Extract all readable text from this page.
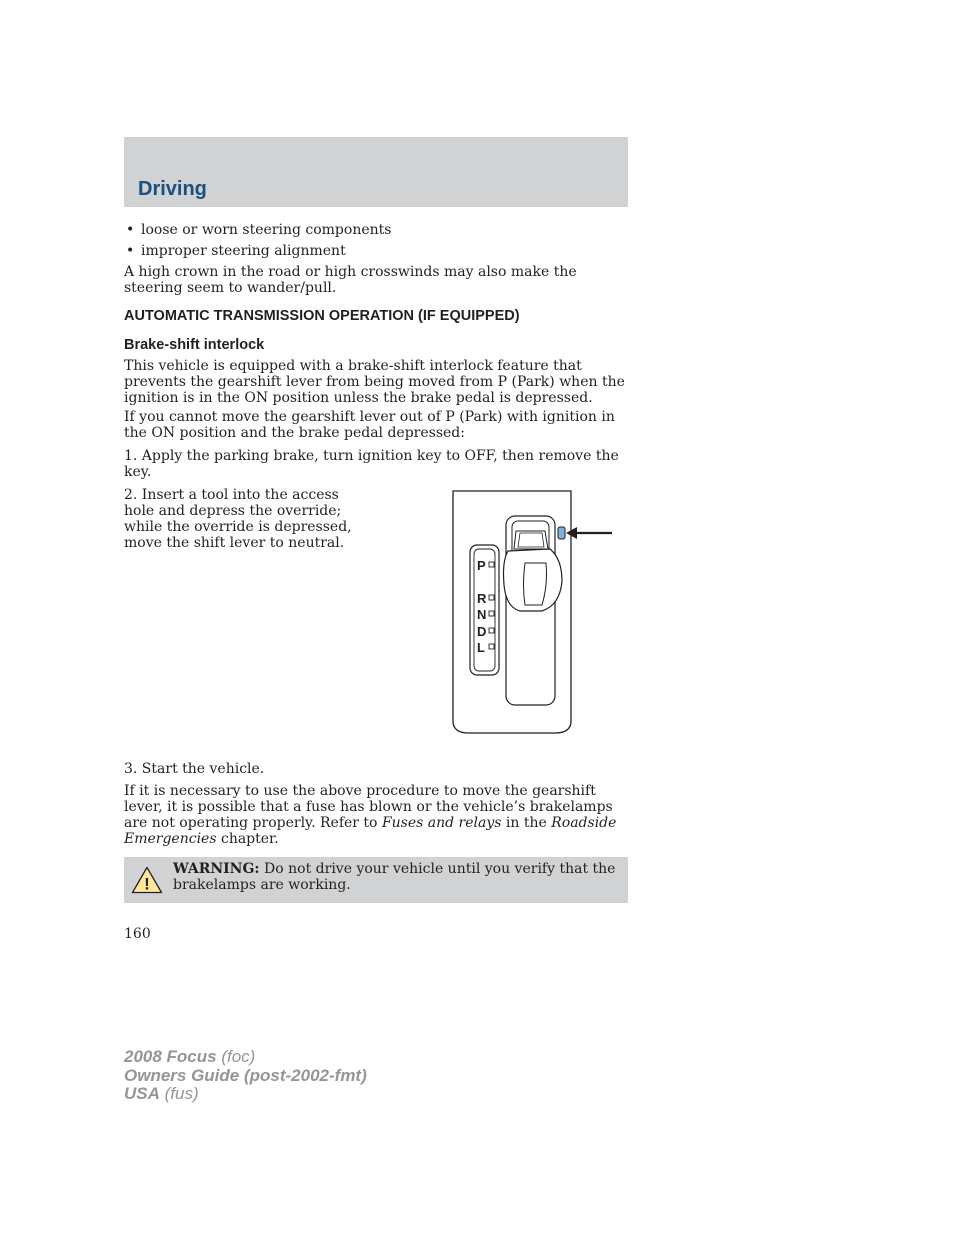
Driving
• loose or worn steering components
• improper steering alignment

A high crown in the road or high crosswinds may also make the steering seem to wander/pull.

AUTOMATIC TRANSMISSION OPERATION (IF EQUIPPED)
Brake-shift interlock

This vehicle is equipped with a brake-shift interlock feature that prevents the gearshift lever from being moved from P (Park) when the ignition is in the ON position unless the brake pedal is depressed.

If you cannot move the gearshift lever out of P (Park) with ignition in the ON position and the brake pedal depressed:

1. Apply the parking brake, turn ignition key to OFF, then remove the key.

2. Insert a tool into the access hole and depress the override; while the override is depressed, move the shift lever to neutral.

P
R
N
D
L

3. Start the vehicle.

If it is necessary to use the above procedure to move the gearshift lever, it is possible that a fuse has blown or the vehicle’s brakelamps are not operating properly. Refer to Fuses and relays in the Roadside Emergencies chapter.

!

WARNING: Do not drive your vehicle until you verify that the brakelamps are working.

160
2008 Focus (foc)
Owners Guide (post-2002-fmt)
USA (fus)
